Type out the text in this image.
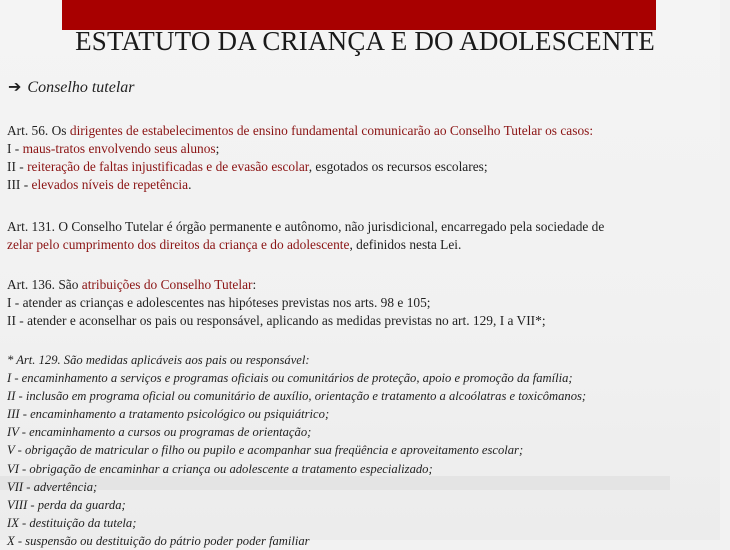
ESTATUTO DA CRIANÇA E DO ADOLESCENTE
➔ Conselho tutelar
Art. 56. Os dirigentes de estabelecimentos de ensino fundamental comunicarão ao Conselho Tutelar os casos:
I - maus-tratos envolvendo seus alunos;
II - reiteração de faltas injustificadas e de evasão escolar, esgotados os recursos escolares;
III - elevados níveis de repetência.
Art. 131. O Conselho Tutelar é órgão permanente e autônomo, não jurisdicional, encarregado pela sociedade de
zelar pelo cumprimento dos direitos da criança e do adolescente, definidos nesta Lei.
Art. 136. São atribuições do Conselho Tutelar:
I - atender as crianças e adolescentes nas hipóteses previstas nos arts. 98 e 105;
II - atender e aconselhar os pais ou responsável, aplicando as medidas previstas no art. 129, I a VII*;
* Art. 129. São medidas aplicáveis aos pais ou responsável:
I - encaminhamento a serviços e programas oficiais ou comunitários de proteção, apoio e promoção da família;
II - inclusão em programa oficial ou comunitário de auxílio, orientação e tratamento a alcoólatras e toxicômanos;
III - encaminhamento a tratamento psicológico ou psiquiátrico;
IV - encaminhamento a cursos ou programas de orientação;
V - obrigação de matricular o filho ou pupilo e acompanhar sua freqüência e aproveitamento escolar;
VI - obrigação de encaminhar a criança ou adolescente a tratamento especializado;
VII - advertência;
VIII - perda da guarda;
IX - destituição da tutela;
X - suspensão ou destituição do pátrio poder poder familiar
